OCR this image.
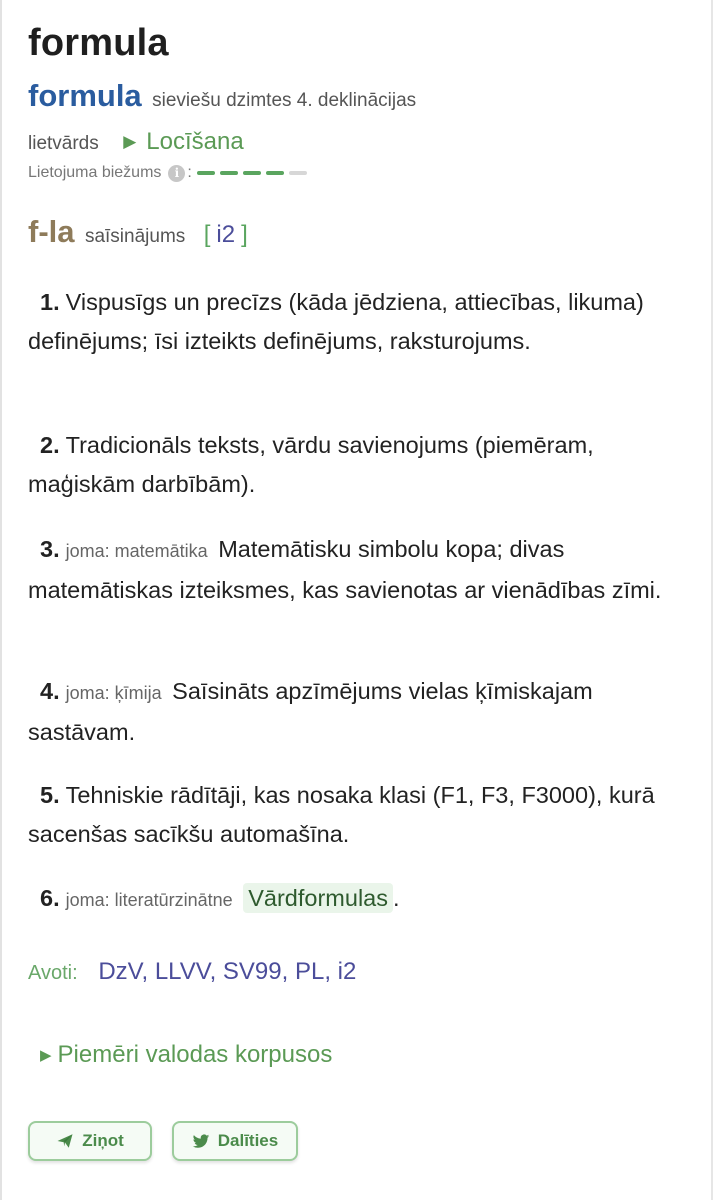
formula
formula sieviešu dzimtes 4. deklinācijas
lietvārds ▶ Locīšana
Lietojuma biežums	i :
f-la saīsinājums [ i2 ]
1. Vispusīgs un precīzs (kāda jēdziena, attiecības, likuma) definējums; īsi izteikts definējums, raksturojums.
2. Tradicionāls teksts, vārdu savienojums (piemēram, maģiskām darbībām).
3. joma: matemātika Matemātisku simbolu kopa; divas matemātiskas izteiksmes, kas savienotas ar vienādības zīmi.
4. joma: ķīmija Saīsināts apzīmējums vielas ķīmiskajam sastāvam.
5. Tehniskie rādītāji, kas nosaka klasi (F1, F3, F3000), kurā sacenšas sacīkšu automašīna.
6. joma: literatūrzinātne Vārdformulas .
Avoti: DzV, LLVV, SV99, PL, i2
▶ Piemēri valodas korpusos
Ziņot	Dalīties
